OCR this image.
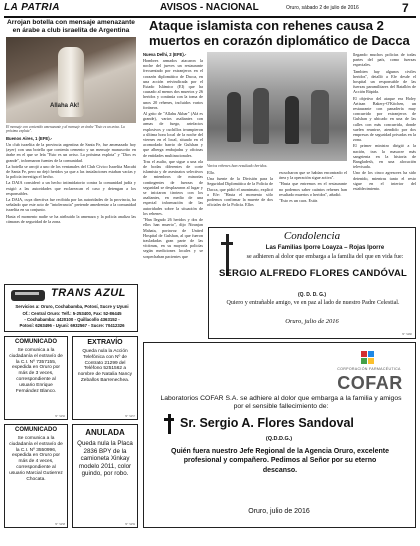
LA PATRIA	AVISOS - NACIONAL	Oruro, sábado 2 de julio de 2016	7
Arrojan botella con mensaje amenazante en árabe a club israelita de Argentina
Allaha Ak!
El mensaje con contenido amenazante y al mensaje en árabe "Esto es un aviso. La próxima explota".
Buenos Aires, 1 (EFE).-

Un club israelita de la provincia argentina de Santa Fe, fue amenazado hoy (ayer) con una botella que contenía cemento y un mensaje manuscrito en árabe en el que se leía "Esto es un aviso. La próxima explota" y "Dios es grande", informaron fuentes de la comunidad.

La botella se arrojó a uno de los ventanales del Club Cívico Israelita Macabi de Santa Fe, pero no dejó heridos ya que a las instalaciones estaban vacías y la policía investiga el hecho.

La DAIA consideró a un hecho intimidatorio contra la comunidad judía y exigió a las autoridades que esclarezcan el caso y detengan a los responsables.

La DAIA, cuya directiva fue recibida por las autoridades de la provincia, ha señalado que este acto de "intolerancia" pretende amedrentar a la comunidad israelita en su conjunto.

Hasta el momento nadie se ha atribuido la amenaza y la policía analiza las cámaras de seguridad de la zona.

TRANS AZUL
Servicios a: Oruro, Cochabamba, Potosí, Sucre y Uyuni
Of.: Central Oruro: Telf.: 5-253400, Fax: 52-86445
- Cochabamba: 4420100 - Quillacollo 4363152 -
Potosí: 6263496 - Uyuni: 6932567 - Sucre: 70412326
COMUNICADO
Se comunica a la ciudadanía el extravío de la C.I. Nº 7357155, expedida en Oruro por más de 3 veces, correspondiente al usuario Enrique Fernández Blanco.
Nº 3456
EXTRAVÍO
Queda nula la Acción Telefónica con Nº de Contrato 21299 del Teléfono 5251562 a nombre de Natalia Nancy Zeballos Barrenechea.
Nº 3457
COMUNICADO
Se comunica a la ciudadanía el extravío de la C.I. Nº 3550996, expedida en Oruro por más de 4 veces, correspondiente al usuario Marcial Gutierrez Chocata.
Nº 3458
ANULADA
Queda nula la Placa 2836 BPY de la camioneta Xinkay modelo 2011, color guindo, por robo.
Nº 3459
Ataque islamista con rehenes causa 2 muertos en corazón diplomático de Dacca
Nueva Delhi, 2 (EFE).-

Hombres armados atacaron la noche del jueves un restaurante frecuentado por extranjeros en el corazón diplomático de Dacca, en una acción reivindicada por el Estado Islámico (EI) que ha causado al menos dos muertos y 26 heridos y continúa con la toma de unos 20 rehenes, incluidos varios foráneos.

Al grito de "Allahu Akbar" (Alá es grande), varios asaltantes con armas de fuego, artefactos explosivos y cuchillos irrumpieron a última hora local de la noche del viernes en el local, situado en el acomodado barrio de Gulshan y que alberga embajadas y oficinas de entidades multinacionales.

Tras el asalto, que sigue a una ola de bodas diferentes de corte islamista y de asesinatos selectivos de miembros de minorías contingentes de fuerzas de seguridad se desplazaron al lugar y se iniciaron tiroteos con los asaltantes, en medio de una especial información de las autoridades sobre la situación de los rehenes.

"Han llegado 26 heridos y dos de ellos han muerto", dijo Niranjan Mahata, portavoz de United Hospital de Gulshan, al que fueron trasladadas gran parte de las víctimas, en su mayoría policías según mediciones locales y se sospechaban pacientes que

Varios rehenes han resultado heridos.

Ello.

Una fuente de la División para la Seguridad Diplomática de la Policía de Dacca, que pidió el anonimato, explicó a Efe: "Hasta el momento sólo podemos confirmar la muerte de dos oficiales de la Policía. Ellos

escucharon que se habían encontrado el área y la operación sigue activa".

"Hasta que entremos en el restaurante no podemos saber cuántos rehenes han resultado muertos o heridos", añadió.

"Esto es un caos. Estás

llegando muchos policías de todas partes del país, como fuerzas especiales.

Tambien hay algunos civiles heridos", detalló a Efe desde el hospital un responsable de las fuerzas paramilitares del Batallón de Acción Rápida.

El objetivo del ataque era Holey Artisan Bakery-O'Kitchen, un restaurante con panadería muy concurrido por extranjeros de Gulshan y ubicado en una de las calles con más concurrida, donde suelen reunirse, atendido por dos empresas de seguridad privadas en la zona.

El primer ministro dirigió a la nación, tras la masacre más sangrienta en la historia de Bangladesh, en una alocución televisada.

Uno de los cinco agresores ha sido detenido, mientras tanto el resto sigue en el interior del establecimiento.

Condolencia
Las Familias Iporre Loayza – Rojas Iporre
se adhieren al dolor que embarga a la familia del que en vida fue:
SERGIO ALFREDO FLORES CANDÓVAL
(Q. D. D. G.)
Quiero y entrañable amigo, ve en paz al lado de nuestro Padre Celestial.
Oruro, julio de 2016
Nº 3460
CORPORACIÓN FARMACÉUTICA
COFAR
Laboratorios COFAR S.A. se adhiere al dolor que embarga a la familia y amigos por el sensible fallecimiento de:
Sr. Sergio A. Flores Sandoval
(Q.D.D.G.)
Quién fuera nuestro Jefe Regional de la Agencia Oruro, excelente profesional y compañero. Pedimos al Señor por su eterno descanso.
Oruro, julio de 2016
